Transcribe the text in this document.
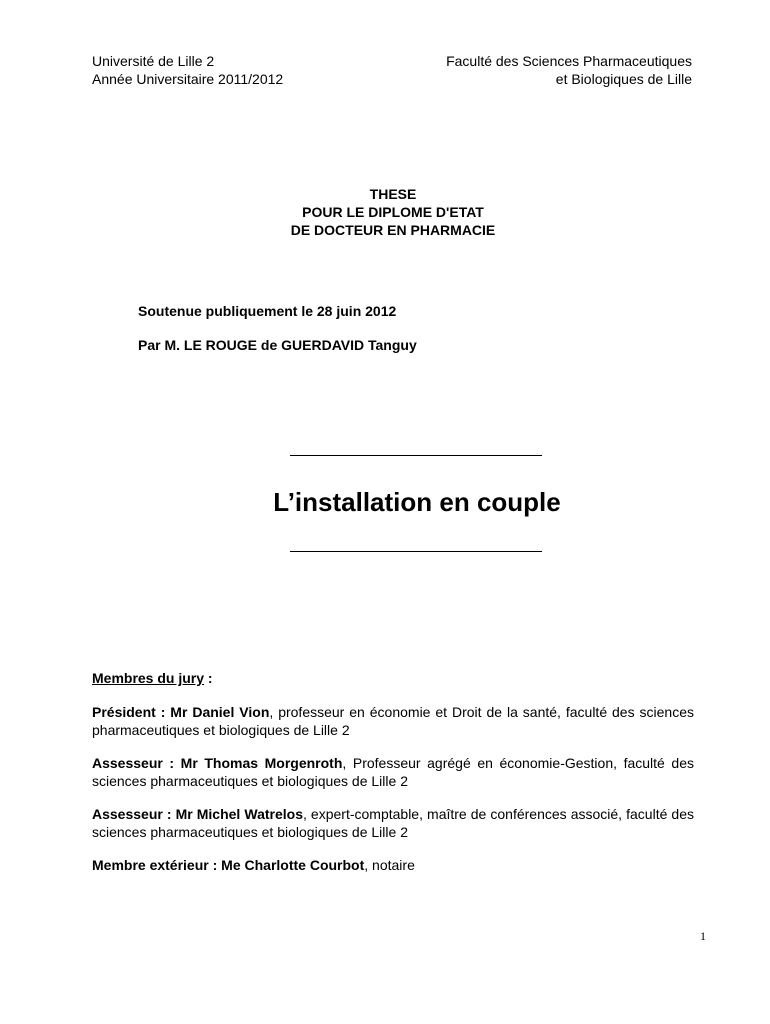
Université de Lille 2
Année Universitaire 2011/2012
Faculté des Sciences Pharmaceutiques
et Biologiques de Lille
THESE
POUR LE DIPLOME D'ETAT
DE DOCTEUR EN PHARMACIE
Soutenue publiquement le 28 juin 2012
Par M. LE ROUGE de GUERDAVID Tanguy
L’installation en couple
Membres du jury :
Président : Mr Daniel Vion, professeur en économie et Droit de la santé, faculté des sciences pharmaceutiques et biologiques de Lille 2
Assesseur : Mr Thomas Morgenroth, Professeur agrégé en économie-Gestion, faculté des sciences pharmaceutiques et biologiques de Lille 2
Assesseur : Mr Michel Watrelos, expert-comptable, maître de conférences associé, faculté des sciences pharmaceutiques et biologiques de Lille 2
Membre extérieur : Me Charlotte Courbot, notaire
1
